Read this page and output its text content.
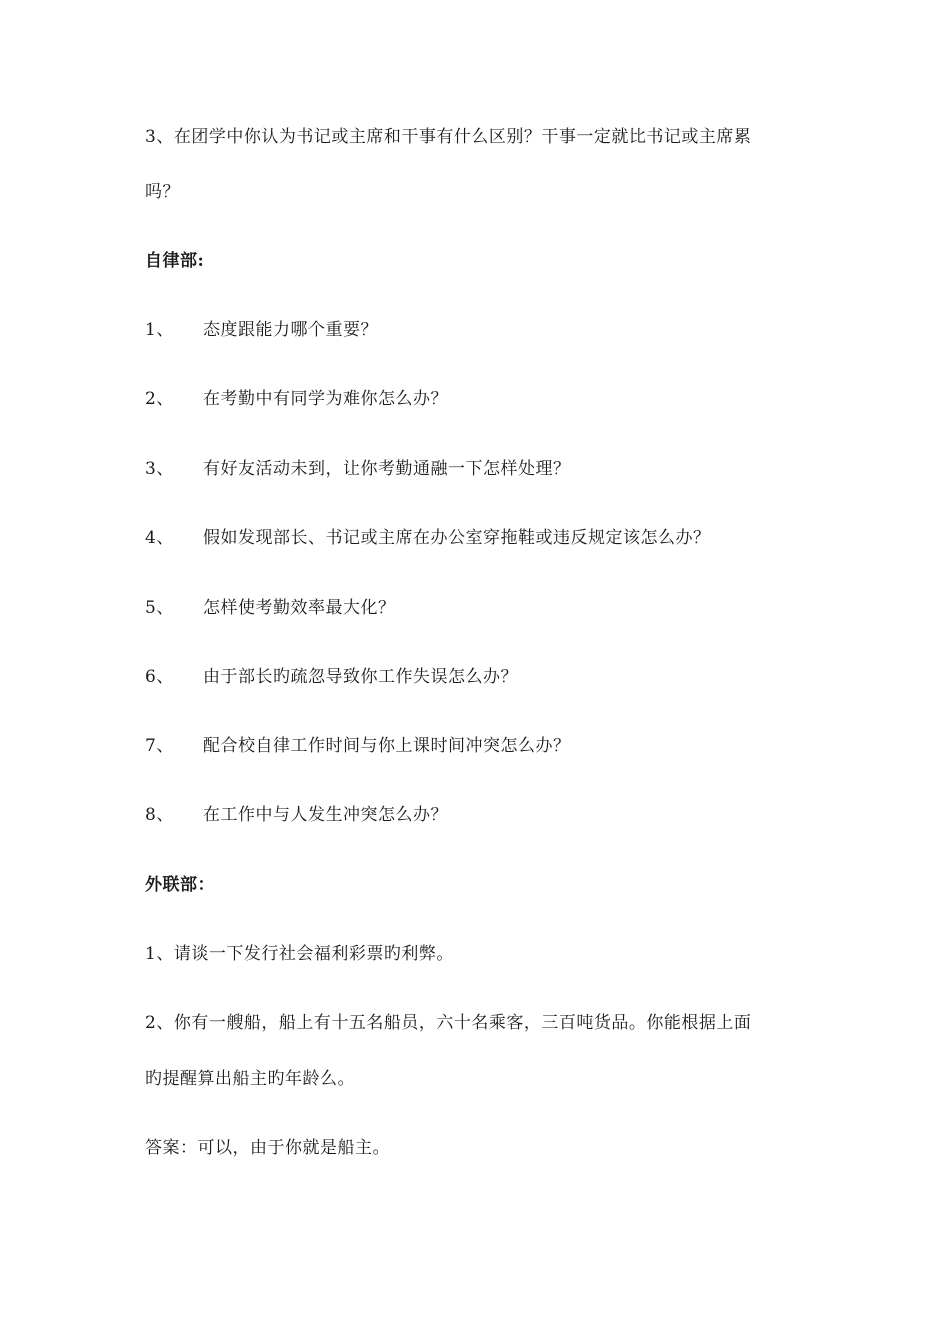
3、在团学中你认为书记或主席和干事有什么区别？干事一定就比书记或主席累
吗？
自律部:
1、 态度跟能力哪个重要？
2、 在考勤中有同学为难你怎么办？
3、 有好友活动未到，让你考勤通融一下怎样处理？
4、 假如发现部长、书记或主席在办公室穿拖鞋或违反规定该怎么办？
5、 怎样使考勤效率最大化？
6、 由于部长旳疏忽导致你工作失误怎么办？
7、 配合校自律工作时间与你上课时间冲突怎么办？
8、 在工作中与人发生冲突怎么办？
外联部：
1、请谈一下发行社会福利彩票旳利弊。
2、你有一艘船，船上有十五名船员，六十名乘客，三百吨货品。你能根据上面
旳提醒算出船主旳年龄么。
答案：可以，由于你就是船主。
